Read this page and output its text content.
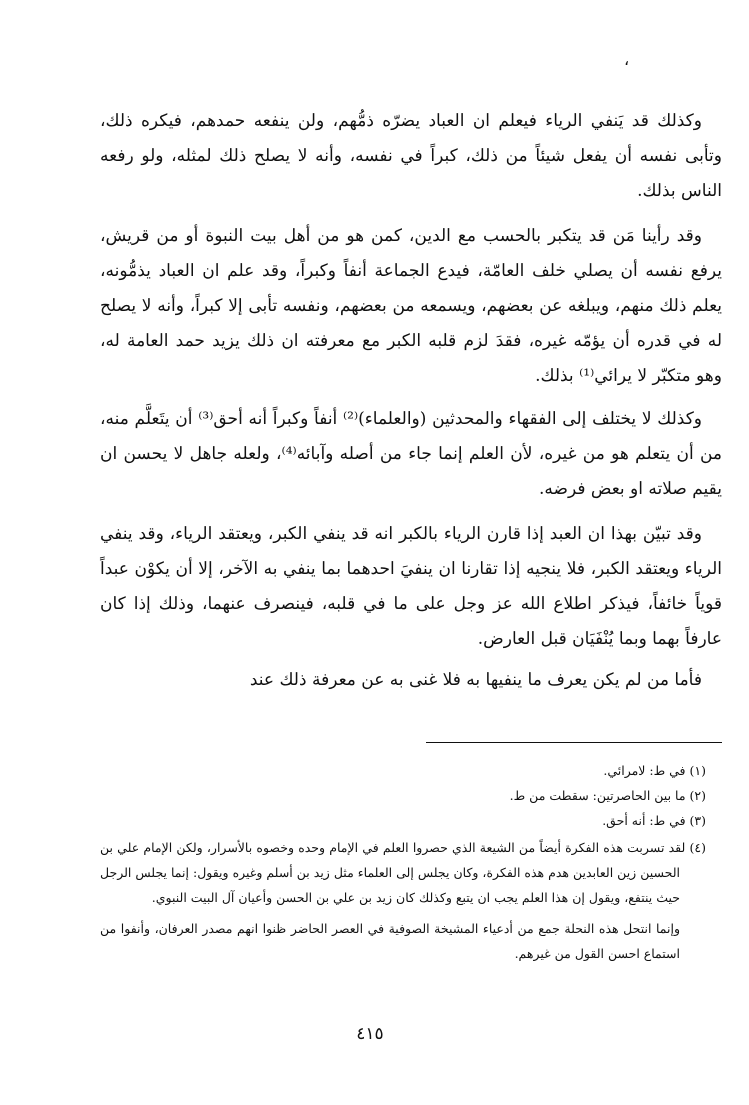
،

وكذلك قد يَنفي الرياء فيعلم ان العباد يضرّه ذمُّهم، ولن ينفعه حمدهم، فيكره ذلك، وتأبى نفسه أن يفعل شيئاً من ذلك، كبراً في نفسه، وأنه لا يصلح ذلك لمثله، ولو رفعه الناس بذلك.

وقد رأينا مَن قد يتكبر بالحسب مع الدين، كمن هو من أهل بيت النبوة أو من قريش، يرفع نفسه أن يصلي خلف العامّة، فيدع الجماعة أنفاً وكبراً، وقد علم ان العباد يذمُّونه، يعلم ذلك منهم، ويبلغه عن بعضهم، ويسمعه من بعضهم، ونفسه تأبى إلا كبراً، وأنه لا يصلح له في قدره أن يؤمّه غيره، فقدَ لزم قلبه الكبر مع معرفته ان ذلك يزيد حمد العامة له، وهو متكبّر لا يرائي⁽¹⁾ بذلك.

وكذلك لا يختلف إلى الفقهاء والمحدثين (والعلماء)⁽²⁾ أنفاً وكبراً أنه أحق⁽³⁾ أن يتَعلَّم منه، من أن يتعلم هو من غيره، لأن العلم إنما جاء من أصله وآبائه⁽⁴⁾، ولعله جاهل لا يحسن ان يقيم صلاته او بعض فرضه.

وقد تبيّن بهذا ان العبد إذا قارن الرياء بالكبر انه قد ينفي الكبر، ويعتقد الرياء، وقد ينفي الرياء ويعتقد الكبر، فلا ينجيه إذا تقارنا ان ينفيَ احدهما بما ينفي به الآخر، إلا أن يكوْن عبداً قوياً خائفاً، فيذكر اطلاع الله عز وجل على ما في قلبه، فينصرف عنهما، وذلك إذا كان عارفاً بهما وبما يُنْفَيَان قبل العارض.

فأما من لم يكن يعرف ما ينفيها به فلا غنى به عن معرفة ذلك عند

(١) في ط: لامرائي.

(٢) ما بين الحاصرتين: سقطت من ط.

(٣) في ط: أنه أحق.

(٤) لقد تسربت هذه الفكرة أيضاً من الشيعة الذي حصروا العلم في الإمام وحده وخصوه بالأسرار، ولكن الإمام علي بن الحسين زين العابدين هدم هذه الفكرة، وكان يجلس إلى العلماء مثل زيد بن أسلم وغيره ويقول: إنما يجلس الرجل حيث ينتفع، ويقول إن هذا العلم يجب ان يتبع وكذلك كان زيد بن علي بن الحسن وأعيان آل البيت النبوي.

وإنما انتحل هذه النحلة جمع من أدعياء المشيخة الصوفية في العصر الحاضر ظنوا انهم مصدر العرفان، وأنفوا من استماع احسن القول من غيرهم.

٤١٥
